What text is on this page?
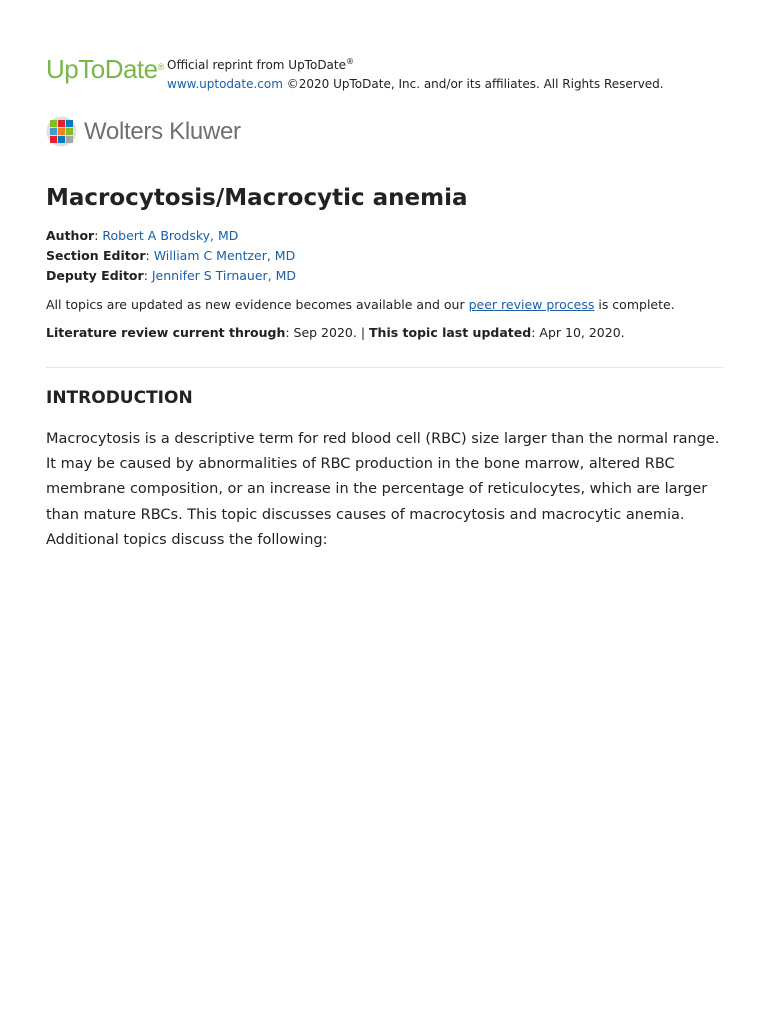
UpToDate® Official reprint from UpToDate®
www.uptodate.com ©2020 UpToDate, Inc. and/or its affiliates. All Rights Reserved.
Wolters Kluwer
Macrocytosis/Macrocytic anemia
Author: Robert A Brodsky, MD
Section Editor: William C Mentzer, MD
Deputy Editor: Jennifer S Tirnauer, MD
All topics are updated as new evidence becomes available and our peer review process is complete.
Literature review current through: Sep 2020. | This topic last updated: Apr 10, 2020.
INTRODUCTION

Macrocytosis is a descriptive term for red blood cell (RBC) size larger than the normal range. It may be caused by abnormalities of RBC production in the bone marrow, altered RBC membrane composition, or an increase in the percentage of reticulocytes, which are larger than mature RBCs. This topic discusses causes of macrocytosis and macrocytic anemia. Additional topics discuss the following:
